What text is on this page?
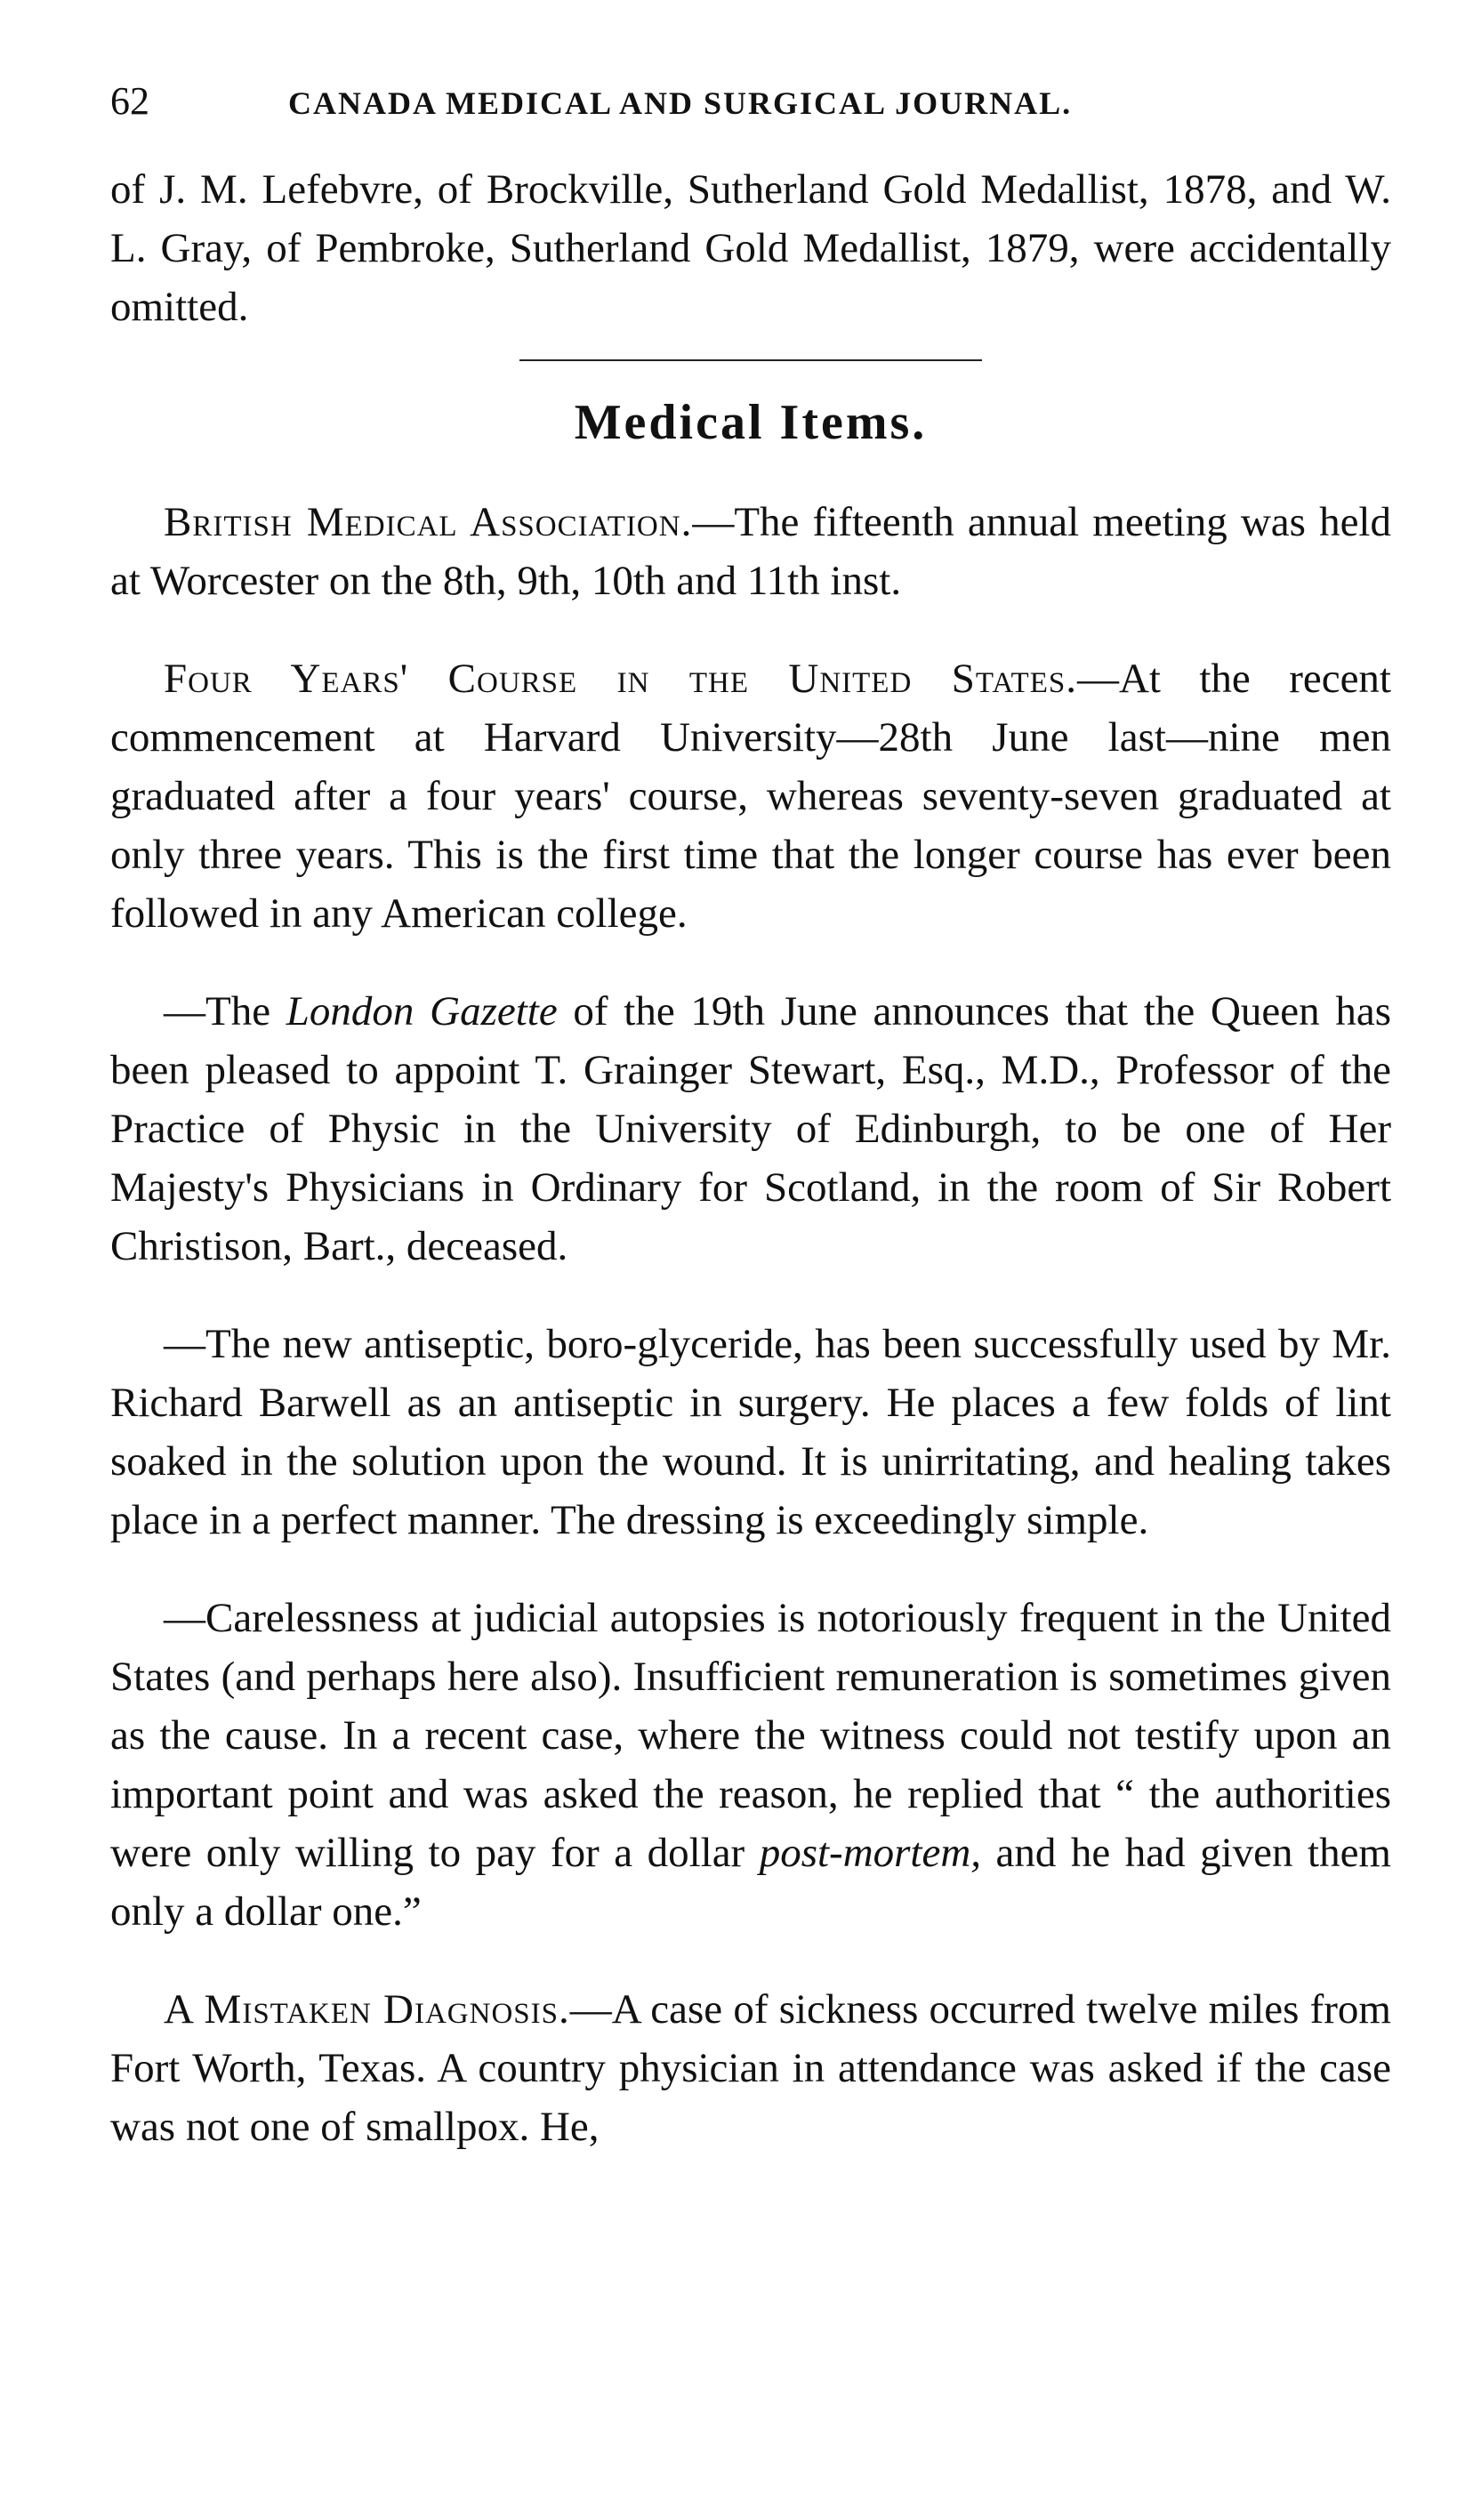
62	CANADA MEDICAL AND SURGICAL JOURNAL.

of J. M. Lefebvre, of Brockville, Sutherland Gold Medallist, 1878, and W. L. Gray, of Pembroke, Sutherland Gold Medallist, 1879, were accidentally omitted.

Medical Items.

British Medical Association.—The fifteenth annual meeting was held at Worcester on the 8th, 9th, 10th and 11th inst.

Four Years' Course in the United States.—At the recent commencement at Harvard University—28th June last—nine men graduated after a four years' course, whereas seventy-seven graduated at only three years. This is the first time that the longer course has ever been followed in any American college.

—The London Gazette of the 19th June announces that the Queen has been pleased to appoint T. Grainger Stewart, Esq., M.D., Professor of the Practice of Physic in the University of Edinburgh, to be one of Her Majesty's Physicians in Ordinary for Scotland, in the room of Sir Robert Christison, Bart., deceased.

—The new antiseptic, boro-glyceride, has been successfully used by Mr. Richard Barwell as an antiseptic in surgery. He places a few folds of lint soaked in the solution upon the wound. It is unirritating, and healing takes place in a perfect manner. The dressing is exceedingly simple.

—Carelessness at judicial autopsies is notoriously frequent in the United States (and perhaps here also). Insufficient remuneration is sometimes given as the cause. In a recent case, where the witness could not testify upon an important point and was asked the reason, he replied that “ the authorities were only willing to pay for a dollar post-mortem, and he had given them only a dollar one.”

A Mistaken Diagnosis.—A case of sickness occurred twelve miles from Fort Worth, Texas. A country physician in attendance was asked if the case was not one of smallpox. He,
